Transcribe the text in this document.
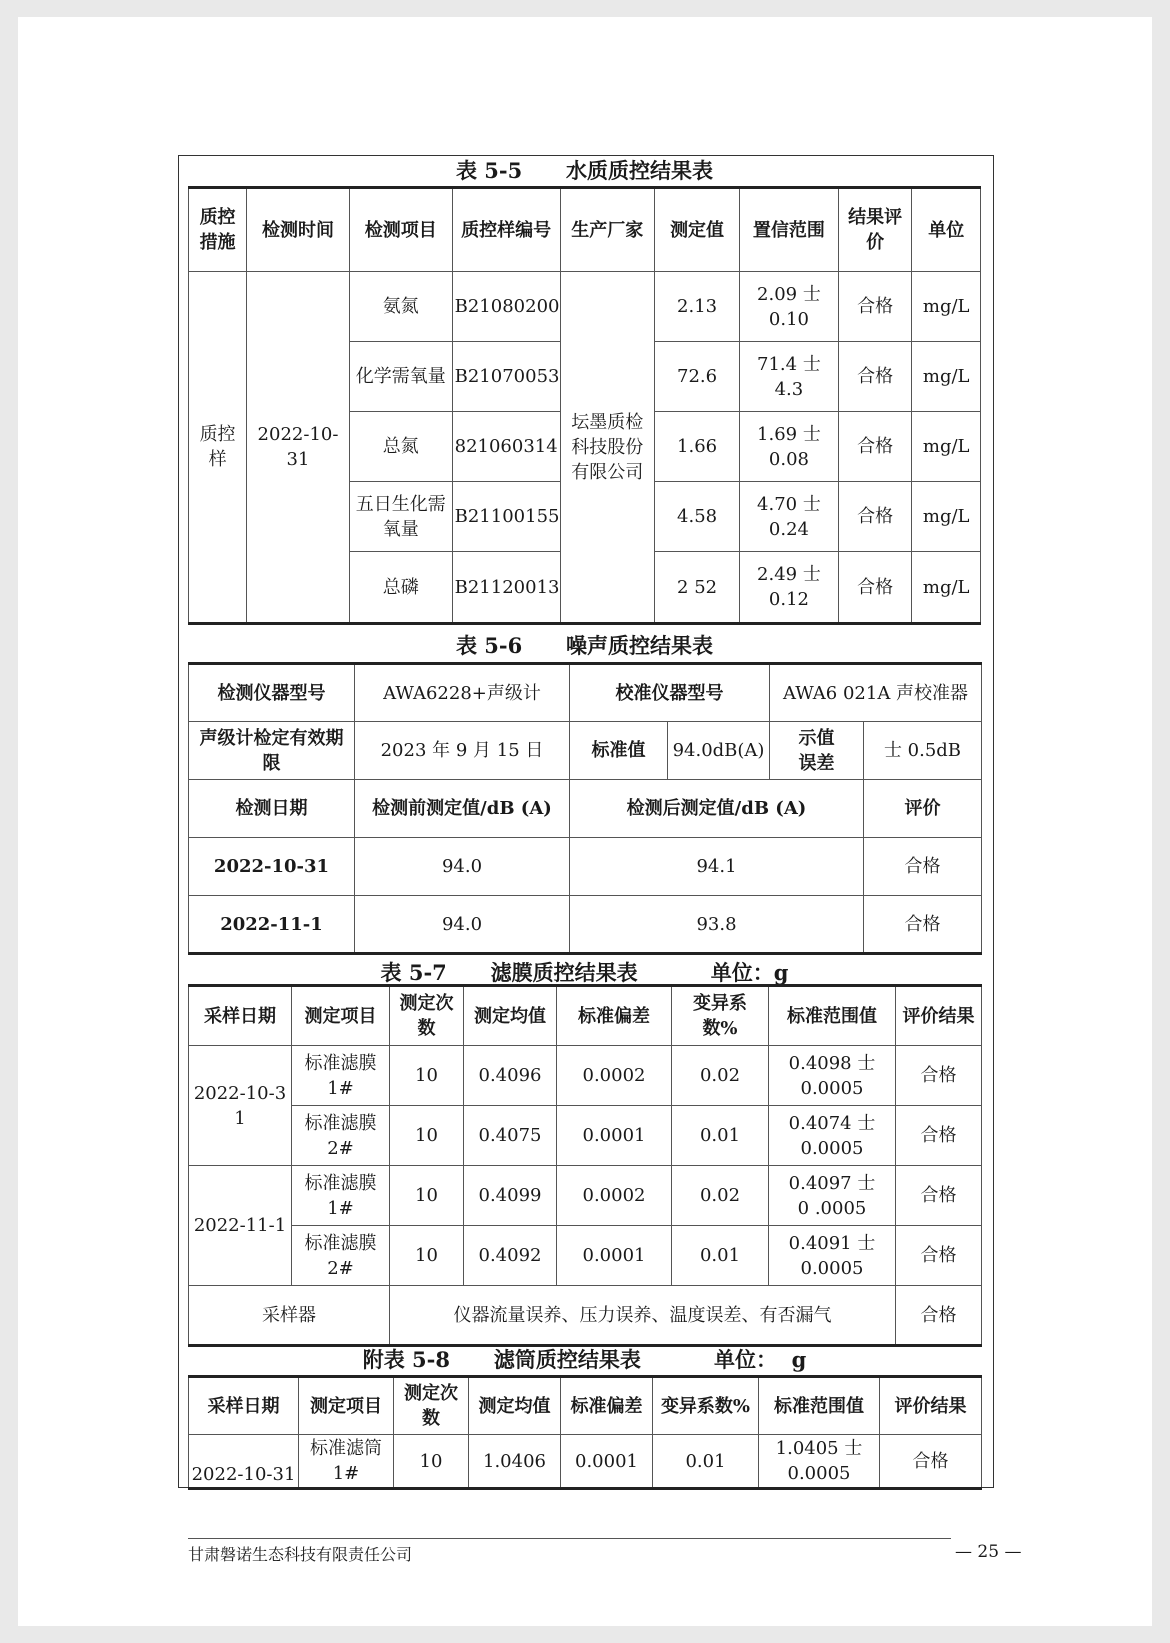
表 5-5      水质质控结果表
质控
措施	检测时间	检测项目	质控样编号	生产厂家	测定值	置信范围	结果评
价	单位
质控
样	2022-10-31	氨氮	B21080200	坛墨质检
科技股份
有限公司	2.13	2.09 士 0.10	合格	mg/L
		化学需氧量	B21070053		72.6	71.4 士 4.3	合格	mg/L
		总氮	821060314		1.66	1.69 士 0.08	合格	mg/L
		五日生化需
氧量	B21100155		4.58	4.70 士 0.24	合格	mg/L
		总磷	B21120013		2 52	2.49 士 0.12	合格	mg/L
表 5-6      噪声质控结果表
检测仪器型号	AWA6228+声级计	校准仪器型号		AWA6 021A 声校准器	
声级计检定有效期
限	2023 年 9 月 15 日	标准值	94.0dB(A)	示值
误差	士 0.5dB
检测日期	检测前测定值/dB (A)	检测后测定值/dB (A)			评价
2022-10-31	94.0	94.1			合格
2022-11-1	94.0	93.8			合格
表 5-7      滤膜质控结果表          单位：g
采样日期	测定项目	测定次
数	测定均值	标准偏差	变异系
数%	标准范围值	评价结果
2022-10-3 1	标准滤膜
1#	10	0.4096	0.0002	0.02	0.4098 士
0.0005	合格
	标准滤膜
2#	10	0.4075	0.0001	0.01	0.4074 士
0.0005	合格
2022-11-1	标准滤膜
1#	10	0.4099	0.0002	0.02	0.4097 士
0 .0005	合格
	标准滤膜
2#	10	0.4092	0.0001	0.01	0.4091 士
0.0005	合格
采样器		仪器流量误养、压力误养、温度误差、有否漏气					合格
附表 5-8      滤筒质控结果表          单位：  g
采样日期	测定项目	测定次
数	测定均值	标准偏差	变异系数%	标准范围值	评价结果
2022-10-31	标准滤筒
1#	10	1.0406	0.0001	0.01	1.0405 士
0.0005	合格
甘肃磐诺生态科技有限责任公司	— 25 —
